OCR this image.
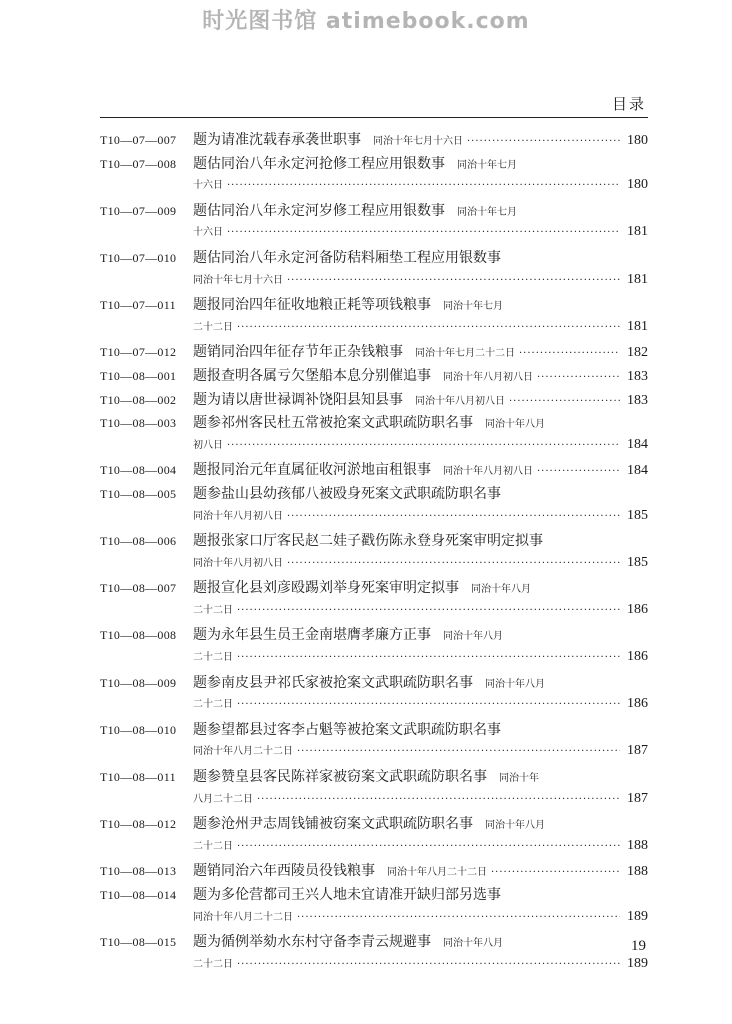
时光图书馆 atimebook.com
目录
T10—07—007	题为请准沈载春承袭世职事 同治十年七月十六日 ·····	180
T10—07—008	题估同治八年永定河抢修工程应用银数事 同治十年七月
十六日 ·····	180
T10—07—009	题估同治八年永定河岁修工程应用银数事 同治十年七月
十六日 ·····	181
T10—07—010	题估同治八年永定河备防秸料厢垫工程应用银数事
同治十年七月十六日 ·····	181
T10—07—011	题报同治四年征收地粮正耗等项钱粮事 同治十年七月
二十二日 ·····	181
T10—07—012	题销同治四年征存节年正杂钱粮事 同治十年七月二十二日 ·····	182
T10—08—001	题报查明各属亏欠堡船本息分别催追事 同治十年八月初八日 ·····	183
T10—08—002	题为请以唐世禄调补饶阳县知县事 同治十年八月初八日 ·····	183
T10—08—003	题参祁州客民杜五常被抢案文武职疏防职名事 同治十年八月
初八日 ·····	184
T10—08—004	题报同治元年直属征收河淤地亩租银事 同治十年八月初八日 ·····	184
T10—08—005	题参盐山县幼孩郁八被殴身死案文武职疏防职名事
同治十年八月初八日 ·····	185
T10—08—006	题报张家口厅客民赵二娃子戳伤陈永登身死案审明定拟事
同治十年八月初八日 ·····	185
T10—08—007	题报宣化县刘彦殴踢刘举身死案审明定拟事 同治十年八月
二十二日 ·····	186
T10—08—008	题为永年县生员王金南堪膺孝廉方正事 同治十年八月
二十二日 ·····	186
T10—08—009	题参南皮县尹祁氏家被抢案文武职疏防职名事 同治十年八月
二十二日 ·····	186
T10—08—010	题参望都县过客李占魁等被抢案文武职疏防职名事
同治十年八月二十二日 ·····	187
T10—08—011	题参赞皇县客民陈祥家被窃案文武职疏防职名事 同治十年
八月二十二日 ·····	187
T10—08—012	题参沧州尹志周钱铺被窃案文武职疏防职名事 同治十年八月
二十二日 ·····	188
T10—08—013	题销同治六年西陵员役钱粮事 同治十年八月二十二日 ·····	188
T10—08—014	题为多伦营都司王兴人地未宜请准开缺归部另选事
同治十年八月二十二日 ·····	189
T10—08—015	题为循例举劾水东村守备李青云规避事 同治十年八月
二十二日 ·····	189
19
